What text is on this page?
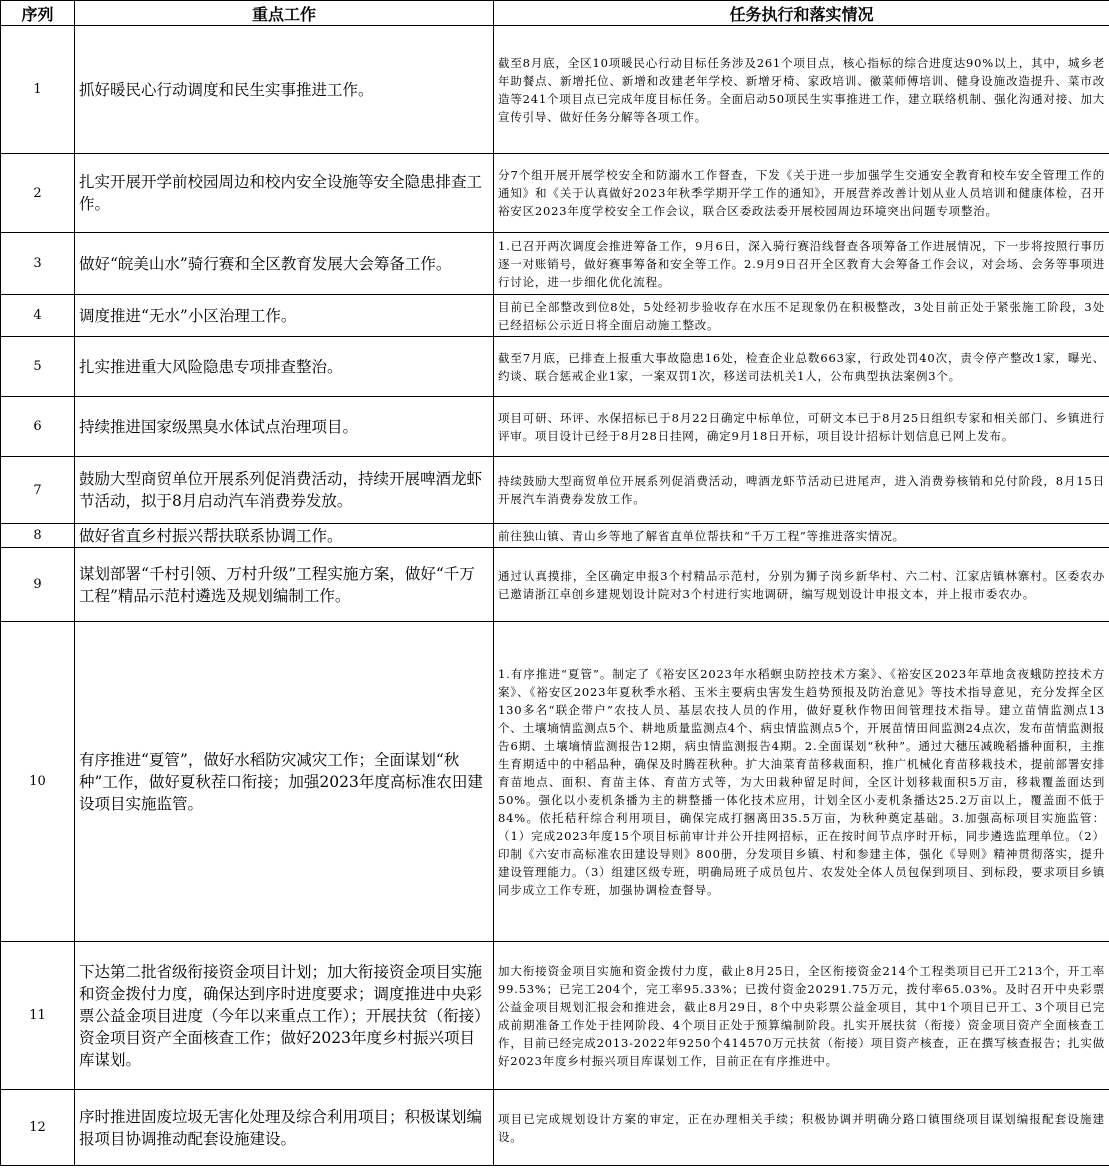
序列	重点工作	任务执行和落实情况
1	抓好暖民心行动调度和民生实事推进工作。	截至8月底，全区10项暖民心行动目标任务涉及261个项目点，核心指标的综合进度达90%以上，其中，城乡老年助餐点、新增托位、新增和改建老年学校、新增牙椅、家政培训、徽菜师傅培训、健身设施改造提升、菜市改造等241个项目点已完成年度目标任务。全面启动50项民生实事推进工作，建立联络机制、强化沟通对接、加大宣传引导、做好任务分解等各项工作。
2	扎实开展开学前校园周边和校内安全设施等安全隐患排查工作。	分7个组开展开展学校安全和防溺水工作督查，下发《关于进一步加强学生交通安全教育和校车安全管理工作的通知》和《关于认真做好2023年秋季学期开学工作的通知》，开展营养改善计划从业人员培训和健康体检，召开裕安区2023年度学校安全工作会议，联合区委政法委开展校园周边环境突出问题专项整治。
3	做好“皖美山水”骑行赛和全区教育发展大会筹备工作。	1.已召开两次调度会推进筹备工作，9月6日，深入骑行赛沿线督查各项筹备工作进展情况，下一步将按照行事历逐一对账销号，做好赛事筹备和安全等工作。2.9月9日召开全区教育大会筹备工作会议，对会场、会务等事项进行讨论，进一步细化优化流程。
4	调度推进“无水”小区治理工作。	目前已全部整改到位8处，5处经初步验收存在水压不足现象仍在积极整改，3处目前正处于紧张施工阶段，3处已经招标公示近日将全面启动施工整改。
5	扎实推进重大风险隐患专项排查整治。	截至7月底，已排查上报重大事故隐患16处，检查企业总数663家，行政处罚40次，责令停产整改1家，曝光、约谈、联合惩戒企业1家，一案双罚1次，移送司法机关1人，公布典型执法案例3个。
6	持续推进国家级黑臭水体试点治理项目。	项目可研、环评、水保招标已于8月22日确定中标单位，可研文本已于8月25日组织专家和相关部门、乡镇进行评审。项目设计已经于8月28日挂网，确定9月18日开标，项目设计招标计划信息已网上发布。
7	鼓励大型商贸单位开展系列促消费活动，持续开展啤酒龙虾节活动，拟于8月启动汽车消费券发放。	持续鼓励大型商贸单位开展系列促消费活动，啤酒龙虾节活动已进尾声，进入消费券核销和兑付阶段，8月15日开展汽车消费券发放工作。
8	做好省直乡村振兴帮扶联系协调工作。	前往独山镇、青山乡等地了解省直单位帮扶和“千万工程”等推进落实情况。
9	谋划部署“千村引领、万村升级”工程实施方案，做好“千万工程”精品示范村遴选及规划编制工作。	通过认真摸排，全区确定申报3个村精品示范村，分别为狮子岗乡新华村、六二村、江家店镇林寨村。区委农办已邀请浙江卓创乡建规划设计院对3个村进行实地调研，编写规划设计申报文本，并上报市委农办。
10	有序推进“夏管”，做好水稻防灾减灾工作；全面谋划“秋种”工作，做好夏秋茬口衔接；加强2023年度高标准农田建设项目实施监管。	1.有序推进“夏管”。制定了《裕安区2023年水稻螟虫防控技术方案》、《裕安区2023年草地贪夜蛾防控技术方案》、《裕安区2023年夏秋季水稻、玉米主要病虫害发生趋势预报及防治意见》等技术指导意见，充分发挥全区130多名“联企带户”农技人员、基层农技人员的作用，做好夏秋作物田间管理技术指导。建立苗情监测点13个、土壤墒情监测点5个、耕地质量监测点4个、病虫情监测点5个，开展苗情田间监测24点次，发布苗情监测报告6期、土壤墒情监测报告12期，病虫情监测报告4期。2.全面谋划“秋种”。通过大穗压减晚稻播种面积，主推生育期适中的中稻品种，确保及时腾茬秋种。扩大油菜育苗移栽面积，推广机械化育苗移栽技术，提前部署安排育苗地点、面积、育苗主体、育苗方式等，为大田栽种留足时间，全区计划移栽面积5万亩，移栽覆盖面达到50%。强化以小麦机条播为主的耕整播一体化技术应用，计划全区小麦机条播达25.2万亩以上，覆盖面不低于84%。依托秸秆综合利用项目，确保完成打捆离田35.5万亩，为秋种奠定基础。3.加强高标项目实施监管：（1）完成2023年度15个项目标前审计并公开挂网招标，正在按时间节点序时开标，同步遴选监理单位。（2）印制《六安市高标准农田建设导则》800册，分发项目乡镇、村和参建主体，强化《导则》精神贯彻落实，提升建设管理能力。（3）组建区级专班，明确局班子成员包片、农发处全体人员包保到项目、到标段，要求项目乡镇同步成立工作专班，加强协调检查督导。
11	下达第二批省级衔接资金项目计划；加大衔接资金项目实施和资金拨付力度，确保达到序时进度要求；调度推进中央彩票公益金项目进度（今年以来重点工作）；开展扶贫（衔接）资金项目资产全面核查工作；做好2023年度乡村振兴项目库谋划。	加大衔接资金项目实施和资金拨付力度，截止8月25日，全区衔接资金214个工程类项目已开工213个，开工率99.53%；已完工204个，完工率95.33%；已拨付资金20291.75万元，拨付率65.03%。及时召开中央彩票公益金项目规划汇报会和推进会，截止8月29日，8个中央彩票公益金项目，其中1个项目已开工、3个项目已完成前期准备工作处于挂网阶段、4个项目正处于预算编制阶段。扎实开展扶贫（衔接）资金项目资产全面核查工作，目前已经完成2013-2022年9250个414570万元扶贫（衔接）项目资产核查，正在撰写核查报告；扎实做好2023年度乡村振兴项目库谋划工作，目前正在有序推进中。
12	序时推进固废垃圾无害化处理及综合利用项目；积极谋划编报项目协调推动配套设施建设。	项目已完成规划设计方案的审定，正在办理相关手续；积极协调并明确分路口镇围绕项目谋划编报配套设施建设。
